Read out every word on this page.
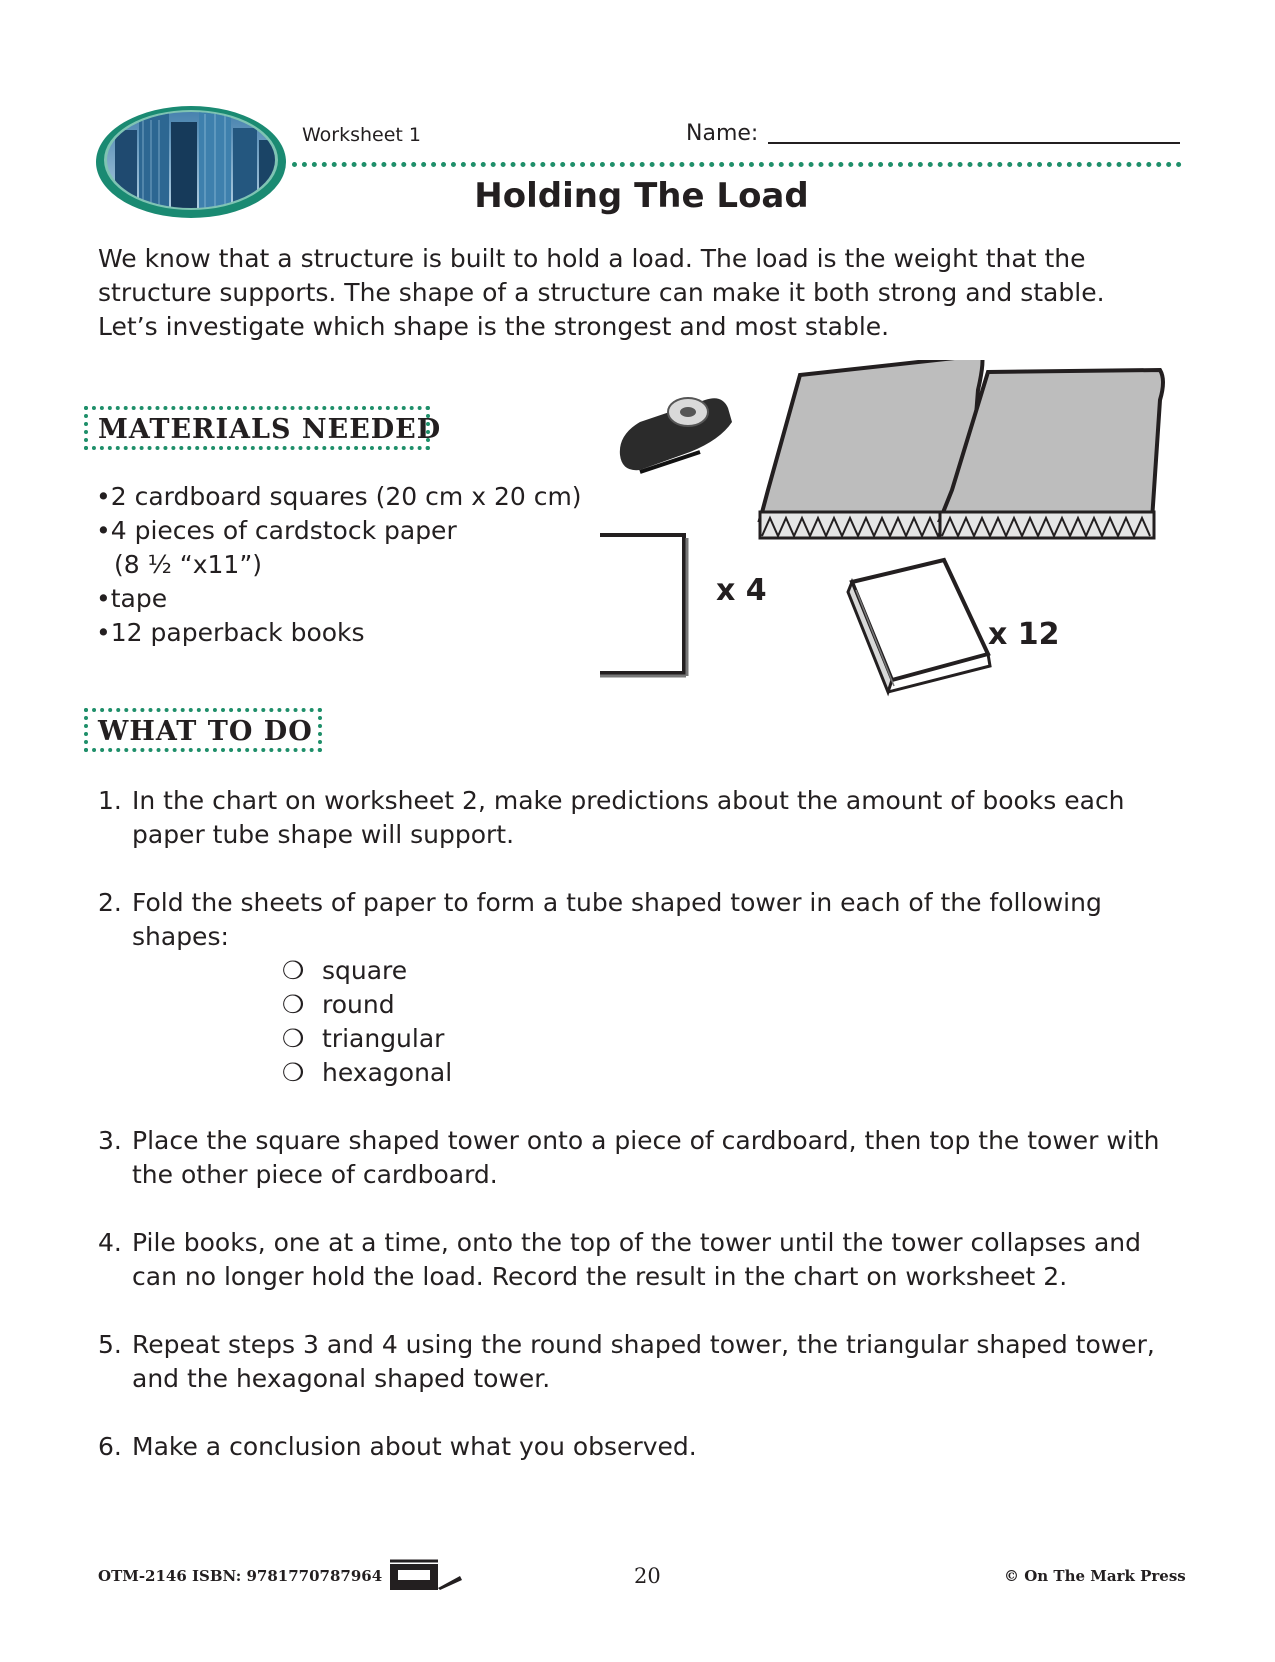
Worksheet 1	Name:
Holding The Load
We know that a structure is built to hold a load. The load is the weight that the
structure supports. The shape of a structure can make it both strong and stable.
Let’s investigate which shape is the strongest and most stable.
MATERIALS NEEDED
•2 cardboard squares (20 cm x 20 cm)
•4 pieces of cardstock paper
(8 ½ “x11”)
•tape
•12 paperback books
x 4
x 12
WHAT TO DO
1. In the chart on worksheet 2, make predictions about the amount of books each
paper tube shape will support.
2. Fold the sheets of paper to form a tube shaped tower in each of the following
shapes:
❍ square
❍ round
❍ triangular
❍ hexagonal
3. Place the square shaped tower onto a piece of cardboard, then top the tower with
the other piece of cardboard.
4. Pile books, one at a time, onto the top of the tower until the tower collapses and
can no longer hold the load. Record the result in the chart on worksheet 2.
5. Repeat steps 3 and 4 using the round shaped tower, the triangular shaped tower,
and the hexagonal shaped tower.
6. Make a conclusion about what you observed.
OTM-2146 ISBN: 9781770787964	20	© On The Mark Press
